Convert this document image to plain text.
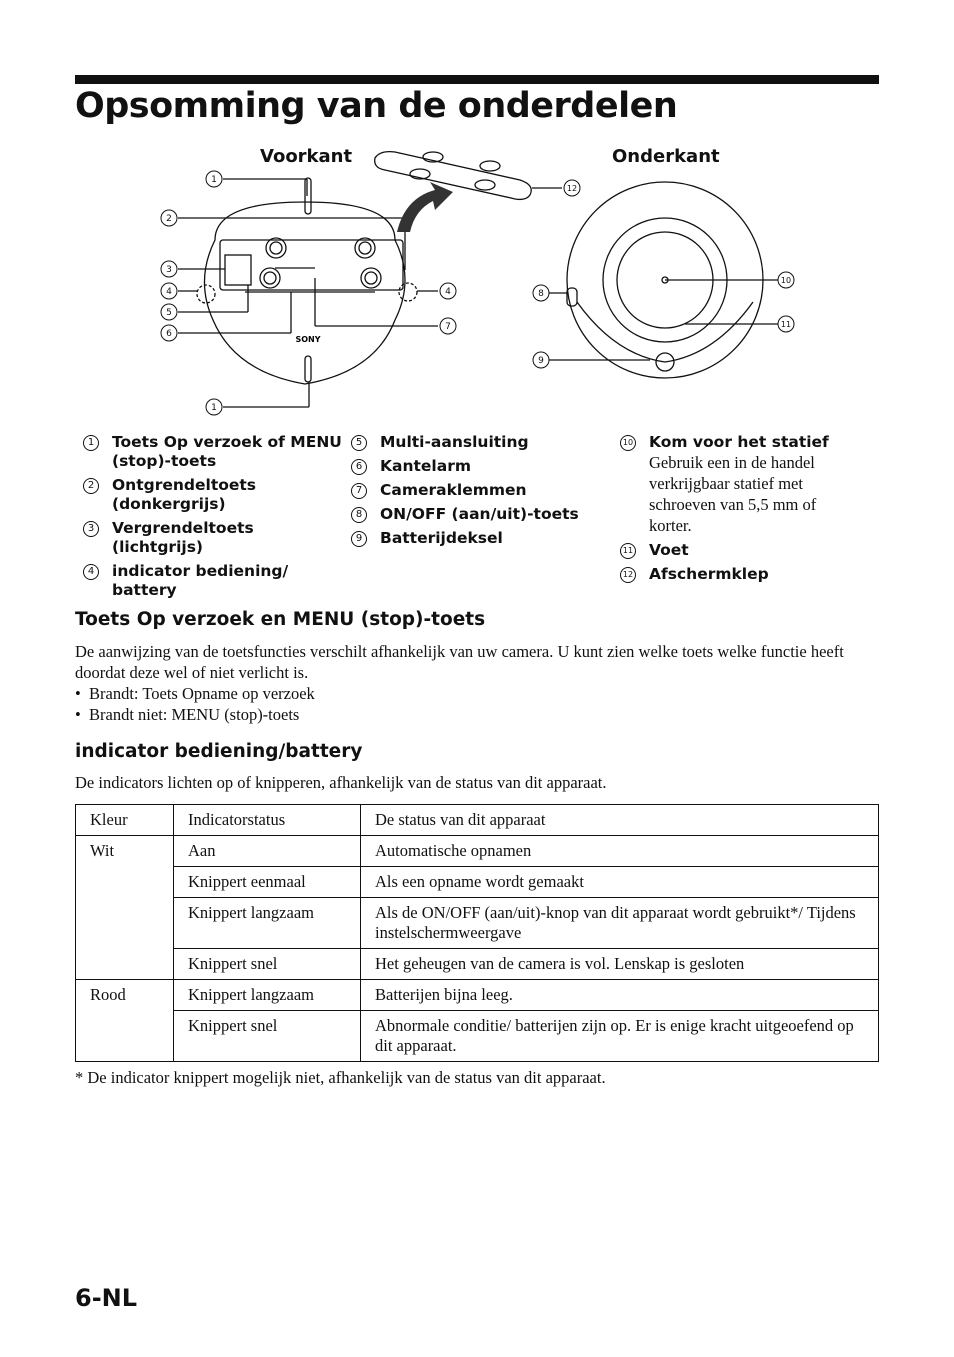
Opsomming van de onderdelen
Voorkant	Onderkant
SONY
1
2
3
4
5
6
4
7
1
12
8
9
10
11
1	Toets Op verzoek of MENU (stop)-toets
2	Ontgrendeltoets (donkergrijs)
3	Vergrendeltoets (lichtgrijs)
4	indicator bediening/ battery
5	Multi-aansluiting
6	Kantelarm
7	Cameraklemmen
8	ON/OFF (aan/uit)-toets
9	Batterijdeksel
10 Kom voor het statief
Gebruik een in de handel verkrijgbaar statief met schroeven van 5,5 mm of korter.
11 Voet
12 Afschermklep
Toets Op verzoek en MENU (stop)-toets

De aanwijzing van de toetsfuncties verschilt afhankelijk van uw camera. U kunt zien welke toets welke functie heeft doordat deze wel of niet verlicht is.

• Brandt: Toets Opname op verzoek
• Brandt niet: MENU (stop)-toets
indicator bediening/battery

De indicators lichten op of knipperen, afhankelijk van de status van dit apparaat.

Kleur	Indicatorstatus	De status van dit apparaat
Wit	Aan	Automatische opnamen
	Knippert eenmaal	Als een opname wordt gemaakt
	Knippert langzaam	Als de ON/OFF (aan/uit)-knop van dit apparaat wordt gebruikt*/ Tijdens instelschermweergave
	Knippert snel	Het geheugen van de camera is vol. Lenskap is gesloten
Rood	Knippert langzaam	Batterijen bijna leeg.
	Knippert snel	Abnormale conditie/ batterijen zijn op. Er is enige kracht uitgeoefend op dit apparaat.

* De indicator knippert mogelijk niet, afhankelijk van de status van dit apparaat.

6-NL
